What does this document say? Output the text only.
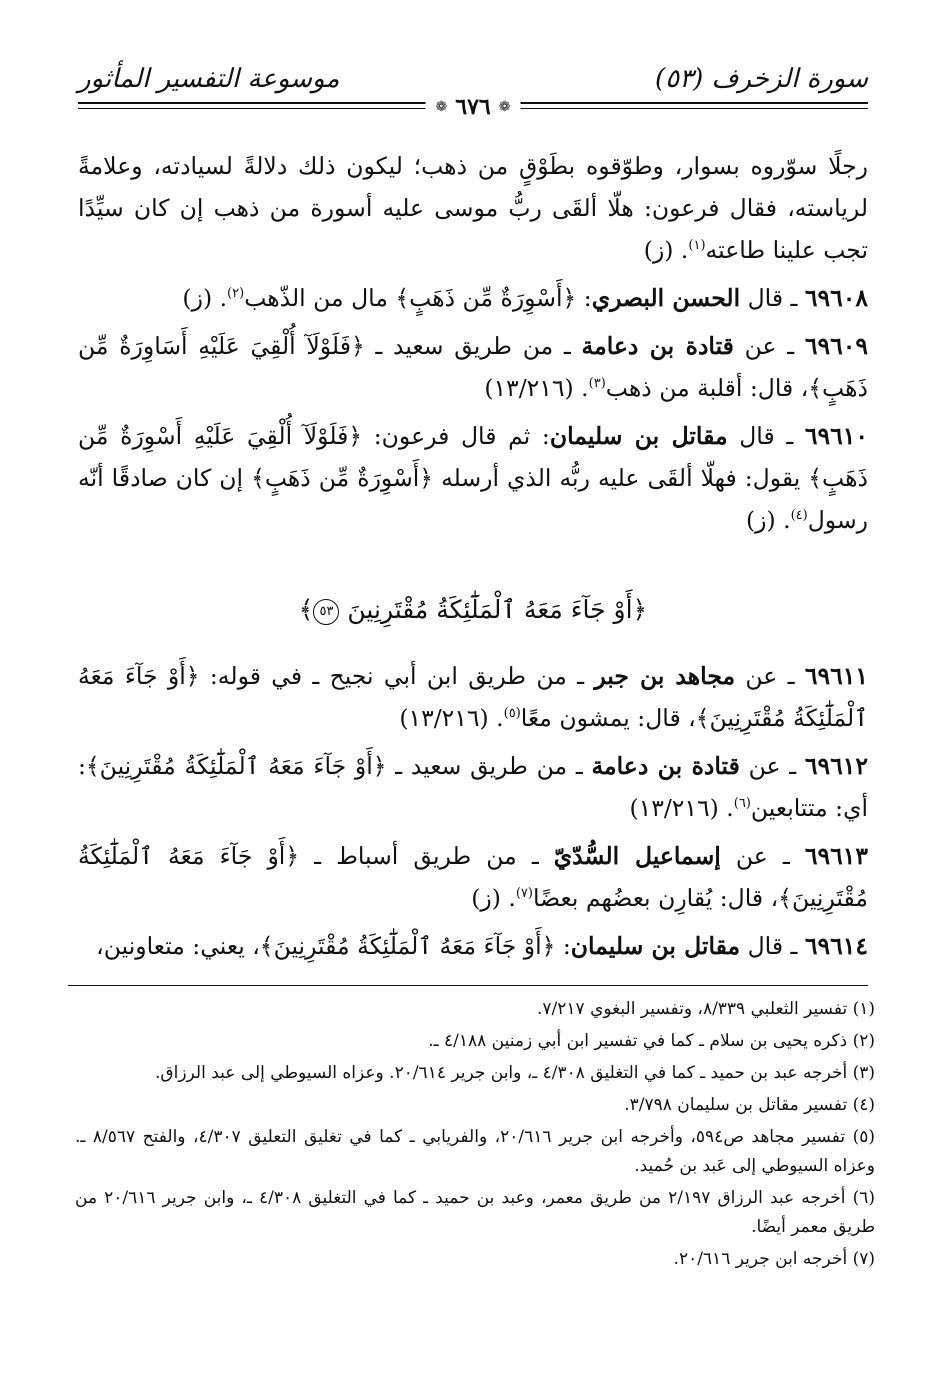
سورة الزخرف (٥٣)
موسوعة التفسير المأثور
❁
٦٧٦
❁

رجلًا سوّروه بسوار، وطوّقوه بطَوْقٍ من ذهب؛ ليكون ذلك دلالةً لسيادته، وعلامةً لرياسته، فقال فرعون: هلّا ألقَى ربُّ موسى عليه أسورة من ذهب إن كان سيِّدًا تجب علينا طاعته$^{(١)}$. (ز)

٦٩٦٠٨ ـ قال الحسن البصري: ﴿أَسْوِرَةٌ مِّن ذَهَبٍ﴾ مال من الذّهب$^{(٢)}$. (ز)

٦٩٦٠٩ ـ عن قتادة بن دعامة ـ من طريق سعيد ـ ﴿فَلَوْلَآ أُلْقِيَ عَلَيْهِ أَسَاوِرَةٌ مِّن ذَهَبٍ﴾، قال: أقلبة من ذهب$^{(٣)}$. (١٣/٢١٦)

٦٩٦١٠ ـ قال مقاتل بن سليمان: ثم قال فرعون: ﴿فَلَوْلَآ أُلْقِيَ عَلَيْهِ أَسْوِرَةٌ مِّن ذَهَبٍ﴾ يقول: فهلّا ألقَى عليه ربُّه الذي أرسله ﴿أَسْوِرَةٌ مِّن ذَهَبٍ﴾ إن كان صادقًا أنّه رسول$^{(٤)}$. (ز)

﴿أَوْ جَآءَ مَعَهُ ٱلْمَلَٰٓئِكَةُ مُقْتَرِنِينَ ٥٣﴾

٦٩٦١١ ـ عن مجاهد بن جبر ـ من طريق ابن أبي نجيح ـ في قوله: ﴿أَوْ جَآءَ مَعَهُ ٱلْمَلَٰٓئِكَةُ مُقْتَرِنِينَ﴾، قال: يمشون معًا$^{(٥)}$. (١٣/٢١٦)

٦٩٦١٢ ـ عن قتادة بن دعامة ـ من طريق سعيد ـ ﴿أَوْ جَآءَ مَعَهُ ٱلْمَلَٰٓئِكَةُ مُقْتَرِنِينَ﴾: أي: متتابعين$^{(٦)}$. (١٣/٢١٦)

٦٩٦١٣ ـ عن إسماعيل السُّدّيّ ـ من طريق أسباط ـ ﴿أَوْ جَآءَ مَعَهُ ٱلْمَلَٰٓئِكَةُ مُقْتَرِنِينَ﴾، قال: يُقارِن بعضُهم بعضًا$^{(٧)}$. (ز)

٦٩٦١٤ ـ قال مقاتل بن سليمان: ﴿أَوْ جَآءَ مَعَهُ ٱلْمَلَٰٓئِكَةُ مُقْتَرِنِينَ﴾، يعني: متعاونين،

(١) تفسير الثعلبي ٨/٣٣٩، وتفسير البغوي ٧/٢١٧.

(٢) ذكره يحيى بن سلام ـ كما في تفسير ابن أبي زمنين ٤/١٨٨ ـ.

(٣) أخرجه عبد بن حميد ـ كما في التغليق ٤/٣٠٨ ـ، وابن جرير ٢٠/٦١٤. وعزاه السيوطي إلى عبد الرزاق.

(٤) تفسير مقاتل بن سليمان ٣/٧٩٨.

(٥) تفسير مجاهد ص٥٩٤، وأخرجه ابن جرير ٢٠/٦١٦، والفريابي ـ كما في تغليق التعليق ٤/٣٠٧، والفتح ٨/٥٦٧ ـ. وعزاه السيوطي إلى عَبد بن حُميد.

(٦) أخرجه عبد الرزاق ٢/١٩٧ من طريق معمر، وعبد بن حميد ـ كما في التغليق ٤/٣٠٨ ـ، وابن جرير ٢٠/٦١٦ من طريق معمر أيضًا.

(٧) أخرجه ابن جرير ٢٠/٦١٦.
